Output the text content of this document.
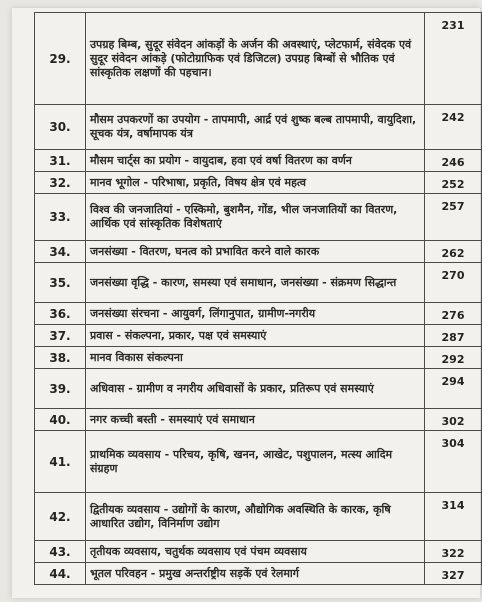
29.	उपग्रह बिम्ब, सुदूर संवेदन आंकड़ों के अर्जन की अवस्थाएं, प्लेटफार्म, संवेदक एवं सुदूर संवेदन आंकड़े (फोटोग्राफिक एवं डिजिटल) उपग्रह बिम्बों से भौतिक एवं सांस्कृतिक लक्षणों की पहचान।	231
30.	मौसम उपकरणों का उपयोग - तापमापी, आर्द्र एवं शुष्क बल्ब तापमापी, वायुदिशा, सूचक यंत्र, वर्षामापक यंत्र	242
31.	मौसम चार्ट्स का प्रयोग - वायुदाब, हवा एवं वर्षा वितरण का वर्णन	246
32.	मानव भूगोल - परिभाषा, प्रकृति, विषय क्षेत्र एवं महत्व	252
33.	विश्व की जनजातियां - एस्किमो, बुशमैन, गोंड, भील जनजातियों का वितरण, आर्थिक एवं सांस्कृतिक विशेषताएं	257
34.	जनसंख्या - वितरण, घनत्व को प्रभावित करने वाले कारक	262
35.	जनसंख्या वृद्धि - कारण, समस्या एवं समाधान, जनसंख्या - संक्रमण सिद्धान्त	270
36.	जनसंख्या संरचना - आयुवर्ग, लिंगानुपात, ग्रामीण-नगरीय	276
37.	प्रवास - संकल्पना, प्रकार, पक्ष एवं समस्याएं	287
38.	मानव विकास संकल्पना	292
39.	अधिवास - ग्रामीण व नगरीय अधिवासों के प्रकार, प्रतिरूप एवं समस्याएं	294
40.	नगर कच्ची बस्ती - समस्याएं एवं समाधान	302
41.	प्राथमिक व्यवसाय - परिचय, कृषि, खनन, आखेट, पशुपालन, मत्स्य आदिम संग्रहण	304
42.	द्वितीयक व्यवसाय - उद्योगों के कारण, औद्योगिक अवस्थिति के कारक, कृषि आधारित उद्योग, विनिर्माण उद्योग	314
43.	तृतीयक व्यवसाय, चतुर्थक व्यवसाय एवं पंचम व्यवसाय	322
44.	भूतल परिवहन - प्रमुख अन्तर्राष्ट्रीय सड़कें एवं रेलमार्ग	327
